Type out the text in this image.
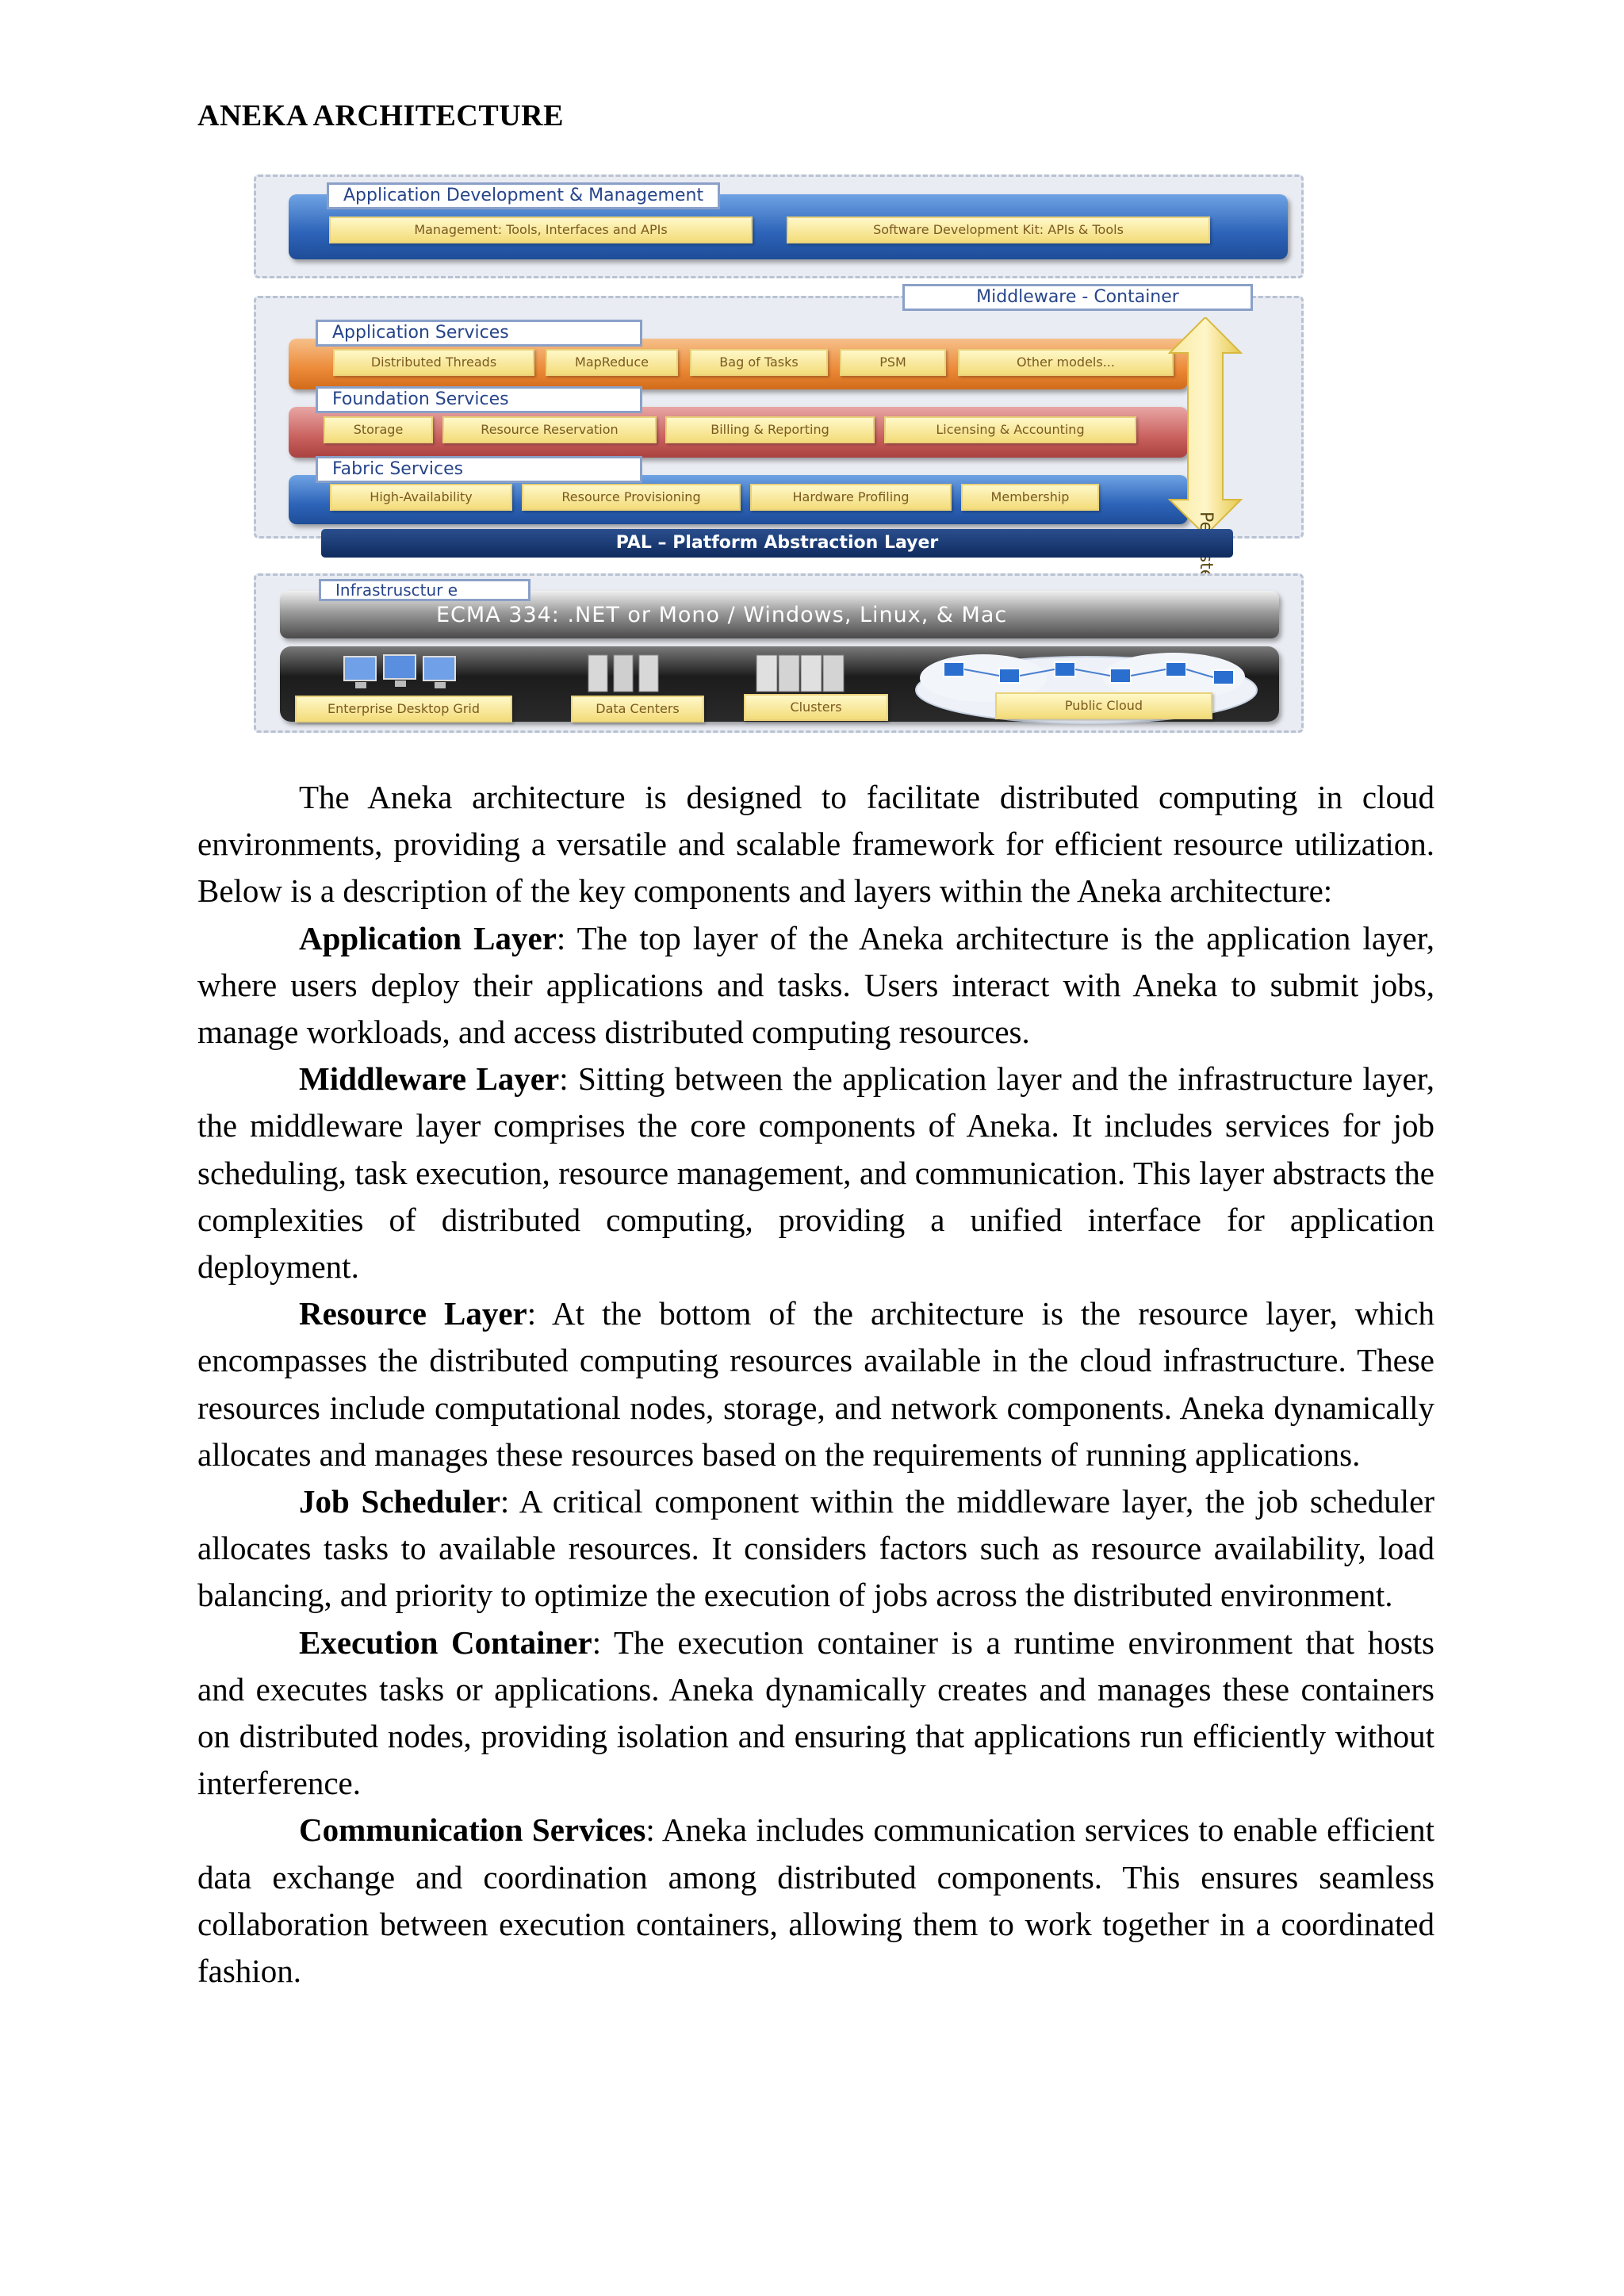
ANEKA ARCHITECTURE
Application Development & Management
Management: Tools, Interfaces and APIs	Software Development Kit: APIs & Tools
Middleware - Container
Application Services
Distributed Threads	MapReduce	Bag of Tasks	PSM	Other models...
Foundation Services
Storage	Resource Reservation	Billing & Reporting	Licensing & Accounting
Fabric Services
High-Availability	Resource Provisioning	Hardware Profiling	Membership
PAL – Platform Abstraction Layer
Infrastrusctur e
ECMA 334: .NET or Mono / Windows, Linux, & Mac
Enterprise Desktop Grid	Data Centers	Clusters	Public Cloud

The Aneka architecture is designed to facilitate distributed computing in cloud environments, providing a versatile and scalable framework for efficient resource utilization. Below is a description of the key components and layers within the Aneka architecture:

Application Layer: The top layer of the Aneka architecture is the application layer, where users deploy their applications and tasks. Users interact with Aneka to submit jobs, manage workloads, and access distributed computing resources.

Middleware Layer: Sitting between the application layer and the infrastructure layer, the middleware layer comprises the core components of Aneka. It includes services for job scheduling, task execution, resource management, and communication. This layer abstracts the complexities of distributed computing, providing a unified interface for application deployment.

Resource Layer: At the bottom of the architecture is the resource layer, which encompasses the distributed computing resources available in the cloud infrastructure. These resources include computational nodes, storage, and network components. Aneka dynamically allocates and manages these resources based on the requirements of running applications.

Job Scheduler: A critical component within the middleware layer, the job scheduler allocates tasks to available resources. It considers factors such as resource availability, load balancing, and priority to optimize the execution of jobs across the distributed environment.

Execution Container: The execution container is a runtime environment that hosts and executes tasks or applications. Aneka dynamically creates and manages these containers on distributed nodes, providing isolation and ensuring that applications run efficiently without interference.

Communication Services: Aneka includes communication services to enable efficient data exchange and coordination among distributed components. This ensures seamless collaboration between execution containers, allowing them to work together in a coordinated fashion.
